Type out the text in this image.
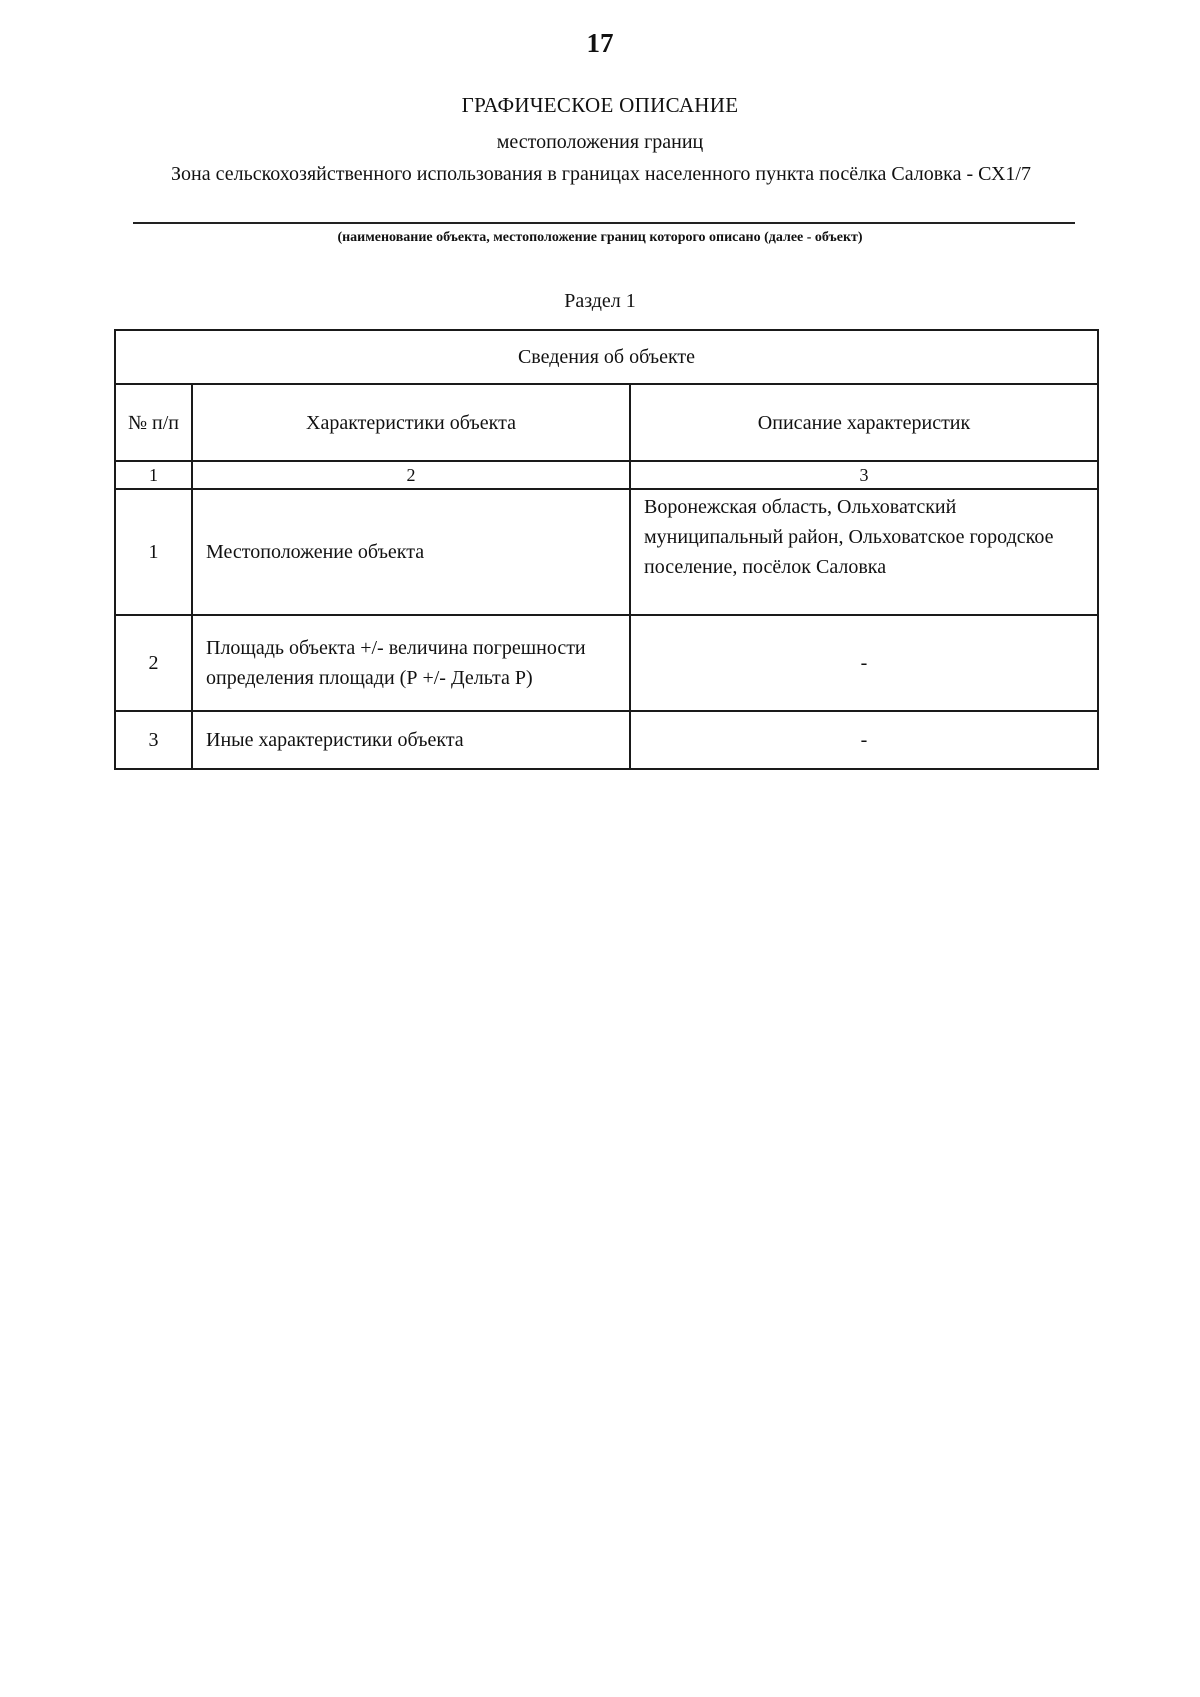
17
ГРАФИЧЕСКОЕ ОПИСАНИЕ
местоположения границ
Зона сельскохозяйственного использования в границах населенного пункта посёлка Саловка - СХ1/7
(наименование объекта, местоположение границ которого описано (далее - объект)
Раздел 1
Сведения об объекте		
№ п/п	Характеристики объекта	Описание характеристик
1	2	3
1	Местоположение объекта	Воронежская область, Ольховатский муниципальный район, Ольховатское городское поселение, посёлок Саловка
2	Площадь объекта +/- величина погрешности определения площади (Р +/- Дельта Р)	-
3	Иные характеристики объекта	-
